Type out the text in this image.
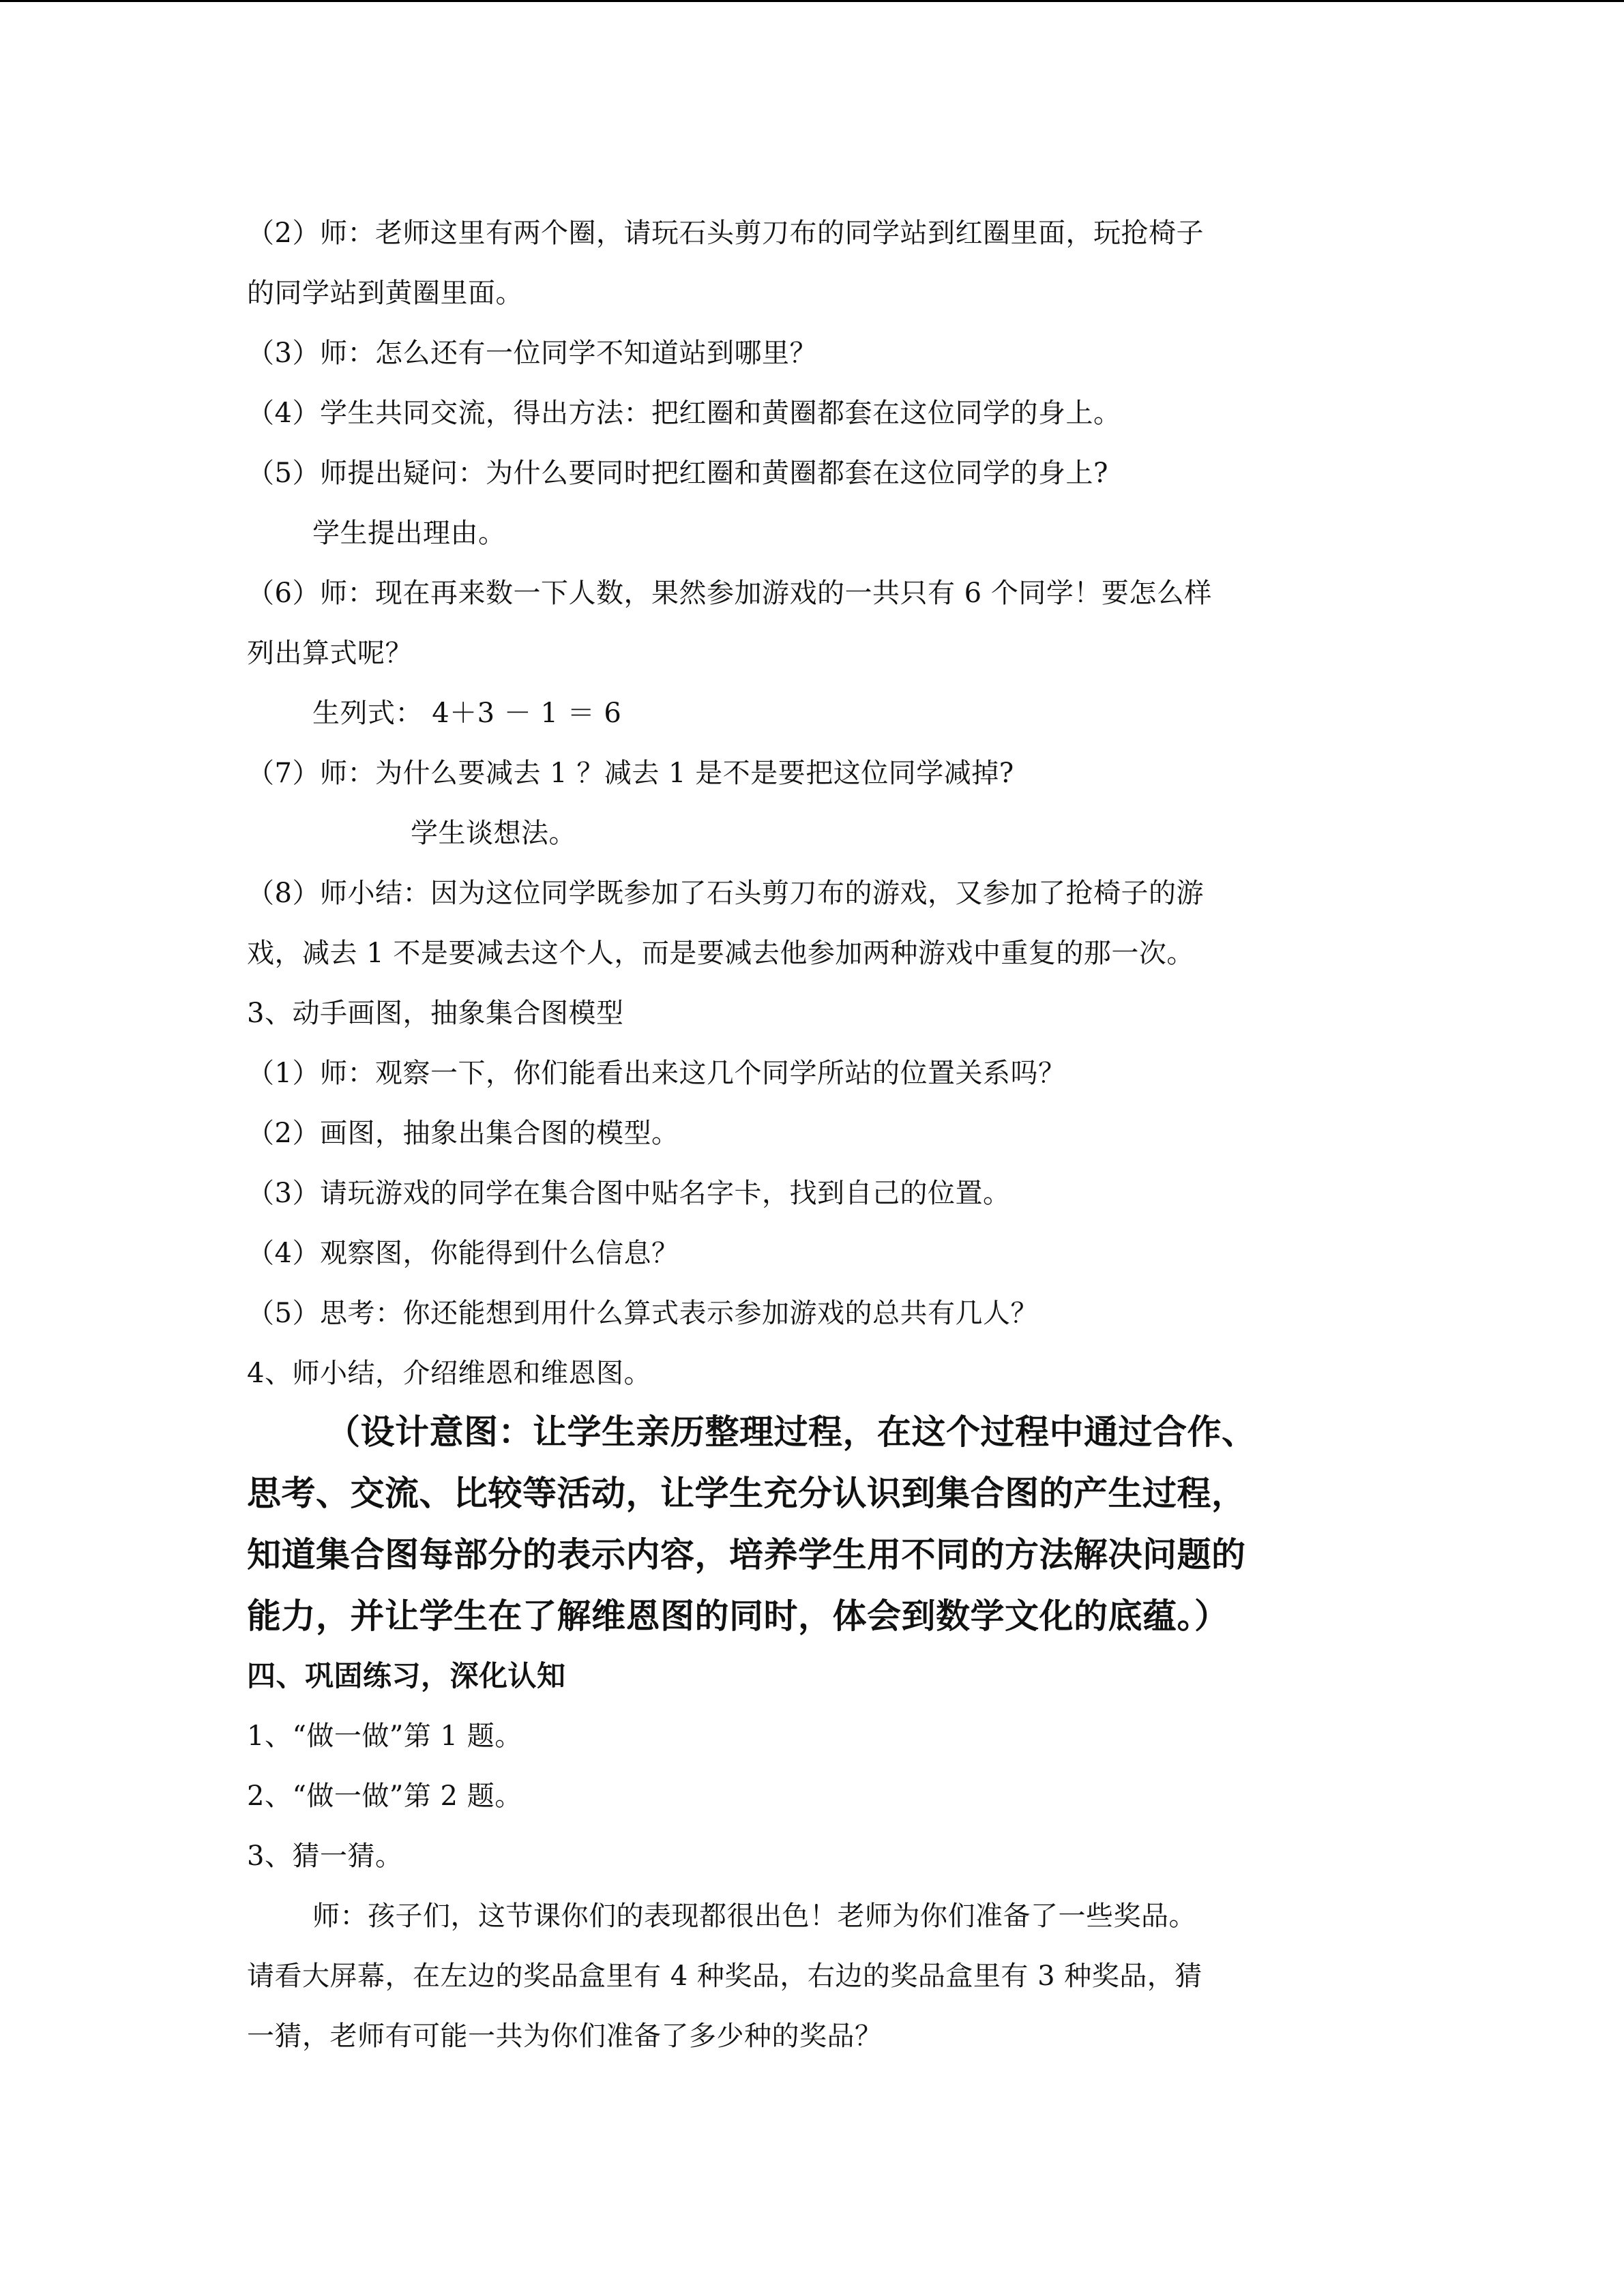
（2）师：老师这里有两个圈，请玩石头剪刀布的同学站到红圈里面，玩抢椅子
的同学站到黄圈里面。
（3）师：怎么还有一位同学不知道站到哪里？
（4）学生共同交流，得出方法：把红圈和黄圈都套在这位同学的身上。
（5）师提出疑问：为什么要同时把红圈和黄圈都套在这位同学的身上?
学生提出理由。
（6）师：现在再来数一下人数，果然参加游戏的一共只有 6 个同学！要怎么样
列出算式呢？
生列式： 4＋3 － 1 ＝ 6
（7）师：为什么要减去 1 ？减去 1 是不是要把这位同学减掉?
学生谈想法。
（8）师小结：因为这位同学既参加了石头剪刀布的游戏，又参加了抢椅子的游
戏，减去 1 不是要减去这个人，而是要减去他参加两种游戏中重复的那一次。
3、动手画图，抽象集合图模型
（1）师：观察一下，你们能看出来这几个同学所站的位置关系吗？
（2）画图，抽象出集合图的模型。
（3）请玩游戏的同学在集合图中贴名字卡，找到自己的位置。
（4）观察图，你能得到什么信息？
（5）思考：你还能想到用什么算式表示参加游戏的总共有几人？
4、师小结，介绍维恩和维恩图。
（设计意图：让学生亲历整理过程，在这个过程中通过合作、
思考、交流、比较等活动，让学生充分认识到集合图的产生过程，
知道集合图每部分的表示内容，培养学生用不同的方法解决问题的
能力，并让学生在了解维恩图的同时，体会到数学文化的底蕴。）
四、巩固练习，深化认知
1、“做一做”第 1 题。
2、“做一做”第 2 题。
3、猜一猜。
师：孩子们，这节课你们的表现都很出色！老师为你们准备了一些奖品。
请看大屏幕，在左边的奖品盒里有 4 种奖品，右边的奖品盒里有 3 种奖品，猜
一猜，老师有可能一共为你们准备了多少种的奖品？
